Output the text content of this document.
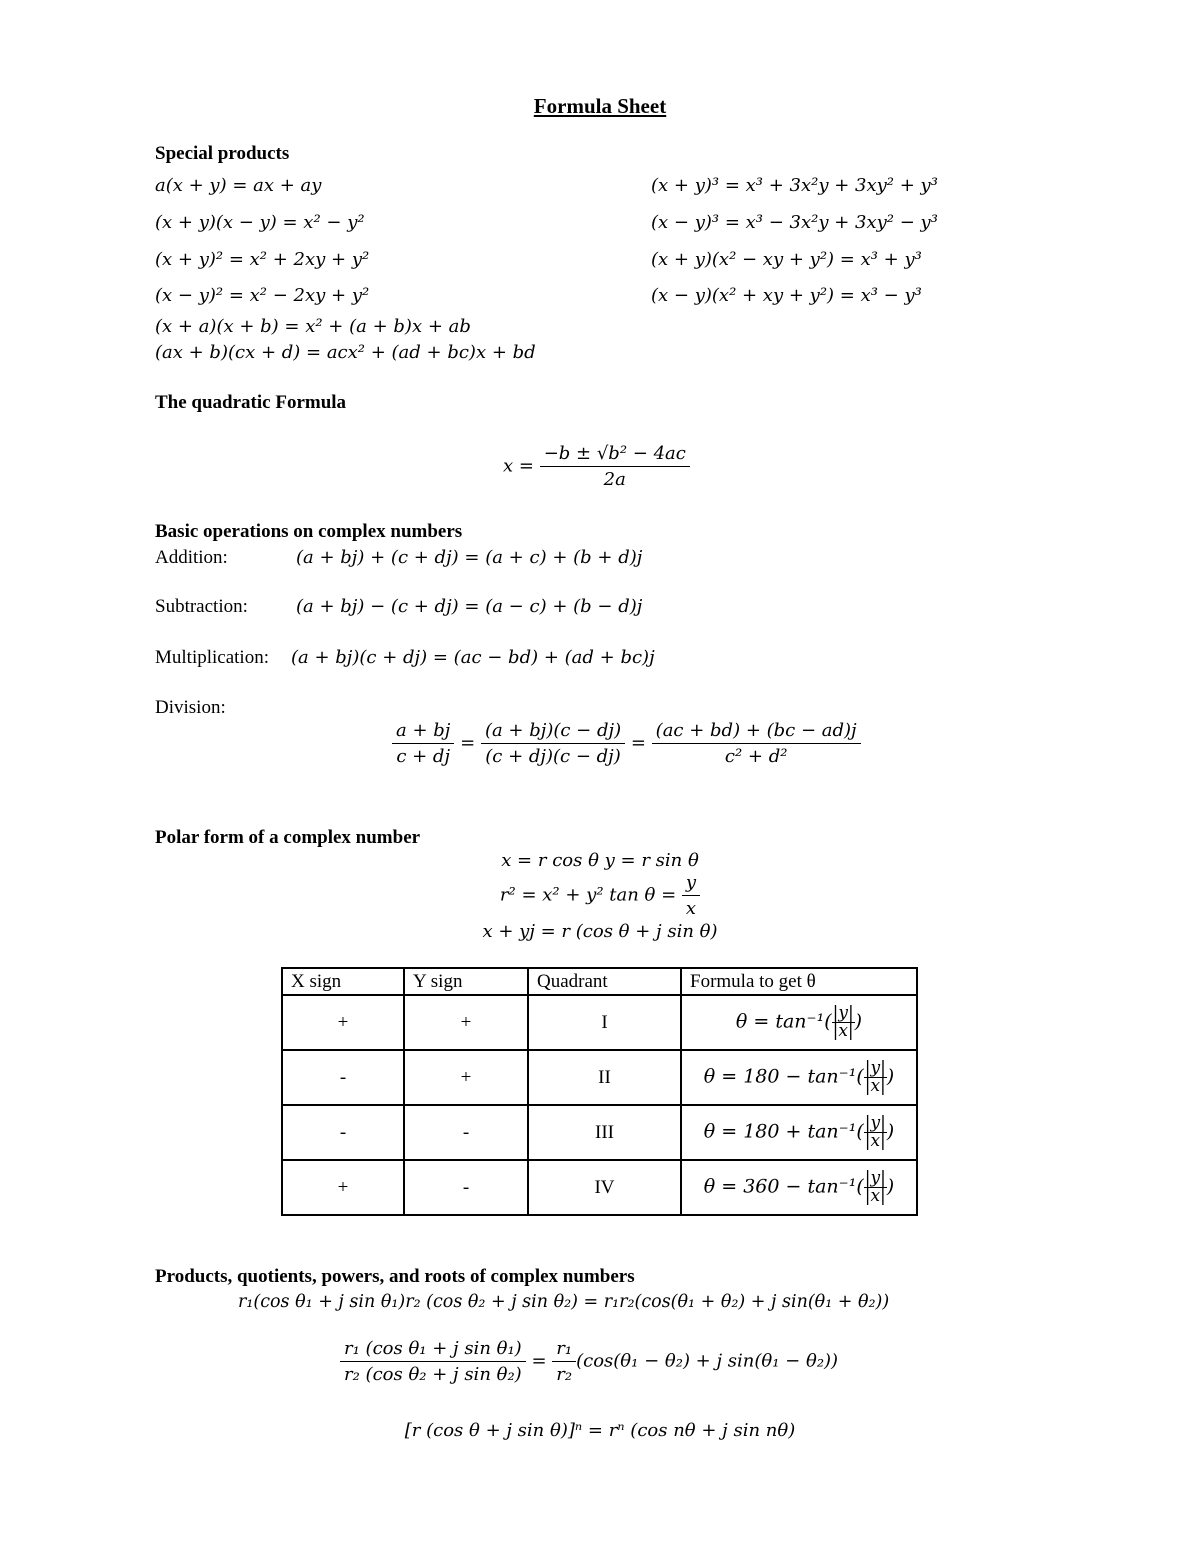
Formula Sheet
Special products
a(x + y) = ax + ay
(x + y)(x − y) = x² − y²
(x + y)² = x² + 2xy + y²
(x − y)² = x² − 2xy + y²
(x + a)(x + b) = x² + (a + b)x + ab
(ax + b)(cx + d) = acx² + (ad + bc)x + bd
(x + y)³ = x³ + 3x²y + 3xy² + y³
(x − y)³ = x³ − 3x²y + 3xy² − y³
(x + y)(x² − xy + y²) = x³ + y³
(x − y)(x² + xy + y²) = x³ − y³
The quadratic Formula
$x = \frac{\text{−b ± √b² − 4ac}}{2a}$
Basic operations on complex numbers
Addition:	(a + bj) + (c + dj) = (a + c) + (b + d)j
Subtraction:	(a + bj) − (c + dj) = (a − c) + (b − d)j
Multiplication: (a + bj)(c + dj) = (ac − bd) + (ad + bc)j
Division:
$\frac{a + bj}{c + dj} = \frac{(a + bj)(c - dj)}{(c + dj)(c - dj)} = \frac{(ac + bd) + (bc - ad)j}{\text{c² + d²}}$
Polar form of a complex number
x = r cos θ y = r sin θ
r² = x² + y² $\tan \theta = \frac{y}{x}$
x + yj = r (cos θ + j sin θ)
X sign	Y sign	Quadrant	Formula to get θ
+	+	I	$\theta = \tan^{-1}( \frac{|y|}{|x|}$ )
-	+	II	$\theta = 180 - \tan^{-1}( \frac{|y|}{|x|}$ )
-	-	III	$\theta = 180 + \tan^{-1}( \frac{|y|}{|x|}$ )
+	-	IV	$\theta = 360 - \tan^{-1}( \frac{|y|}{|x|}$ )
Products, quotients, powers, and roots of complex numbers
r₁(cos θ₁ + j sin θ₁)r₂ (cos θ₂ + j sin θ₂) = r₁r₂(cos(θ₁ + θ₂) + j sin(θ₁ + θ₂))
$\frac{\text{r₁ (cos θ₁ + j sin θ₁)}}{\text{r₂ (cos θ₂ + j sin θ₂)}} = \frac{\text{r₁}}{\text{r₂}} (\cos(\theta_1 - \theta_2) + j$ sin(θ₁ − θ₂))
[r (cos θ + j sin θ)]ⁿ = rⁿ (cos nθ + j sin nθ)
